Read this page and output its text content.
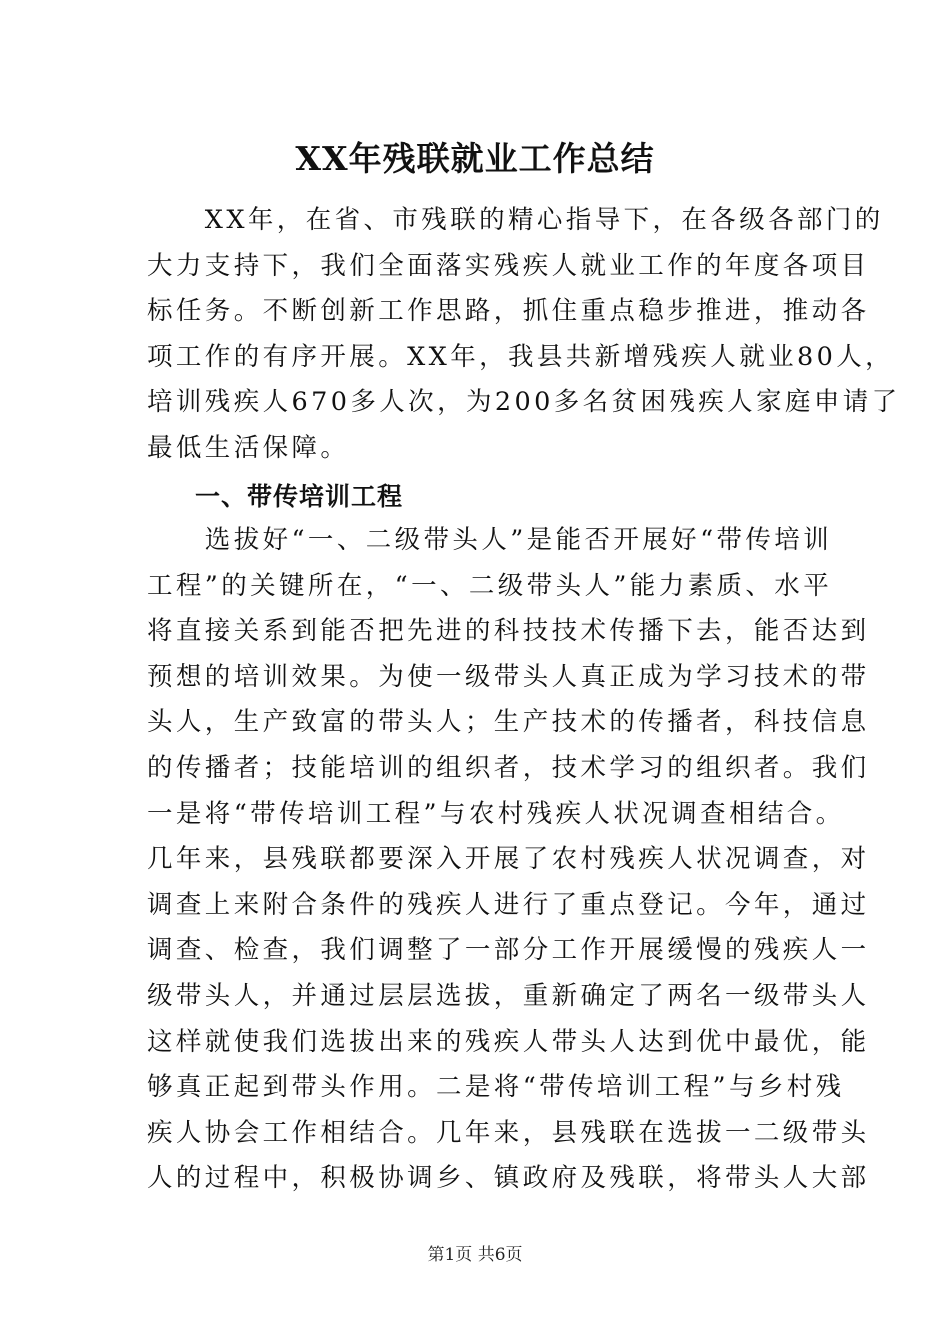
XX年残联就业工作总结
　　XX年，在省、市残联的精心指导下，在各级各部门的
大力支持下，我们全面落实残疾人就业工作的年度各项目
标任务。不断创新工作思路，抓住重点稳步推进，推动各
项工作的有序开展。XX年，我县共新增残疾人就业80人，
培训残疾人670多人次，为200多名贫困残疾人家庭申请了
最低生活保障。
一、带传培训工程
　　选拔好“一、二级带头人”是能否开展好“带传培训
工程”的关键所在，“一、二级带头人”能力素质、水平
将直接关系到能否把先进的科技技术传播下去，能否达到
预想的培训效果。为使一级带头人真正成为学习技术的带
头人，生产致富的带头人；生产技术的传播者，科技信息
的传播者；技能培训的组织者，技术学习的组织者。我们
一是将“带传培训工程”与农村残疾人状况调查相结合。
几年来，县残联都要深入开展了农村残疾人状况调查，对
调查上来附合条件的残疾人进行了重点登记。今年，通过
调查、检查，我们调整了一部分工作开展缓慢的残疾人一
级带头人，并通过层层选拔，重新确定了两名一级带头人
这样就使我们选拔出来的残疾人带头人达到优中最优，能
够真正起到带头作用。二是将“带传培训工程”与乡村残
疾人协会工作相结合。几年来，县残联在选拔一二级带头
人的过程中，积极协调乡、镇政府及残联，将带头人大部
第1页 共6页
